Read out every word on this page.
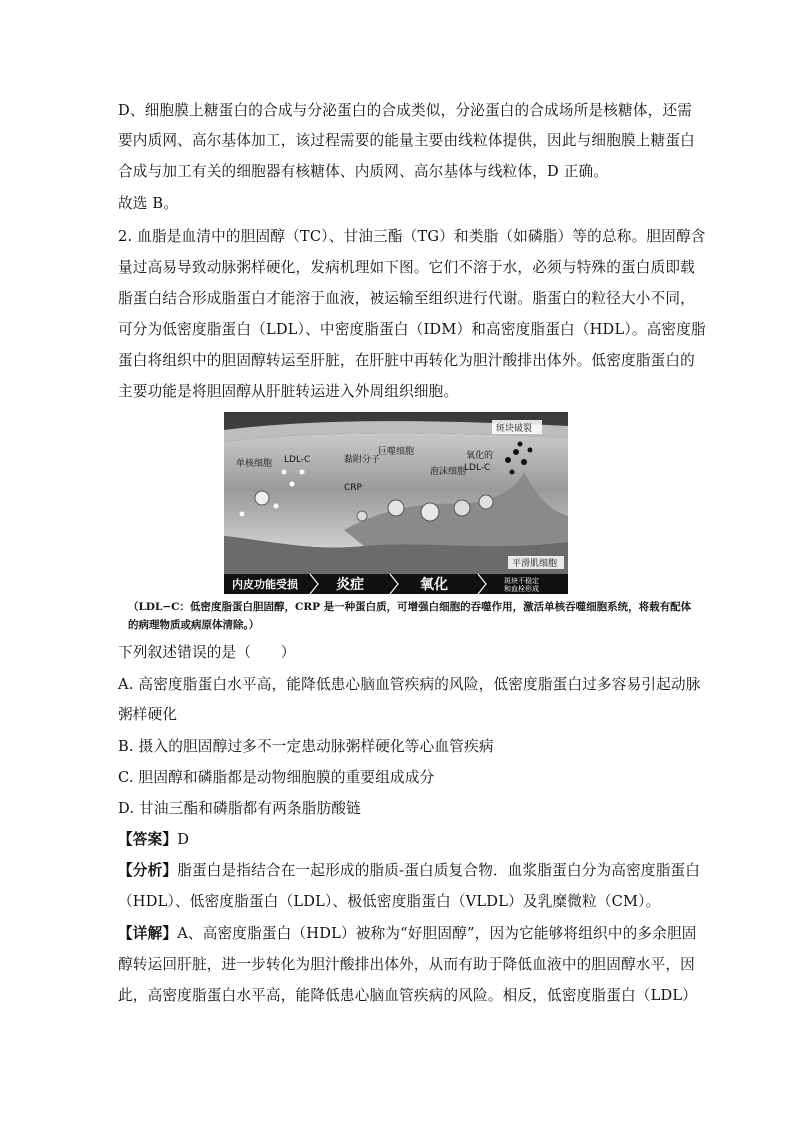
D、细胞膜上糖蛋白的合成与分泌蛋白的合成类似，分泌蛋白的合成场所是核糖体，还需
要内质网、高尔基体加工，该过程需要的能量主要由线粒体提供，因此与细胞膜上糖蛋白
合成与加工有关的细胞器有核糖体、内质网、高尔基体与线粒体，D 正确。
故选 B。
2. 血脂是血清中的胆固醇（TC）、甘油三酯（TG）和类脂（如磷脂）等的总称。胆固醇含
量过高易导致动脉粥样硬化，发病机理如下图。它们不溶于水，必须与特殊的蛋白质即载
脂蛋白结合形成脂蛋白才能溶于血液，被运输至组织进行代谢。脂蛋白的粒径大小不同，
可分为低密度脂蛋白（LDL）、中密度脂蛋白（IDM）和高密度脂蛋白（HDL）。高密度脂
蛋白将组织中的胆固醇转运至肝脏，在肝脏中再转化为胆汁酸排出体外。低密度脂蛋白的
主要功能是将胆固醇从肝脏转运进入外周组织细胞。
单核细胞 LDL-C	黏附分子
CRP
巨噬细胞
泡沫细胞
氧化的
LDL-C
斑块破裂
平滑肌细胞
内皮功能受损	炎症	氧化	斑块不稳定
和血栓形成
（LDL−C：低密度脂蛋白胆固醇，CRP 是一种蛋白质，可增强白细胞的吞噬作用，激活单核吞噬细胞系统，将载有配体
的病理物质或病原体清除。）
下列叙述错误的是（　　）
A. 高密度脂蛋白水平高，能降低患心脑血管疾病的风险，低密度脂蛋白过多容易引起动脉
粥样硬化
B. 摄入的胆固醇过多不一定患动脉粥样硬化等心血管疾病
C. 胆固醇和磷脂都是动物细胞膜的重要组成成分
D. 甘油三酯和磷脂都有两条脂肪酸链
【答案】D
【分析】脂蛋白是指结合在一起形成的脂质-蛋白质复合物．血浆脂蛋白分为高密度脂蛋白
（HDL）、低密度脂蛋白（LDL）、极低密度脂蛋白（VLDL）及乳糜微粒（CM）。
【详解】A、高密度脂蛋白（HDL）被称为“好胆固醇”，因为它能够将组织中的多余胆固
醇转运回肝脏，进一步转化为胆汁酸排出体外，从而有助于降低血液中的胆固醇水平，因
此，高密度脂蛋白水平高，能降低患心脑血管疾病的风险。相反，低密度脂蛋白（LDL）
